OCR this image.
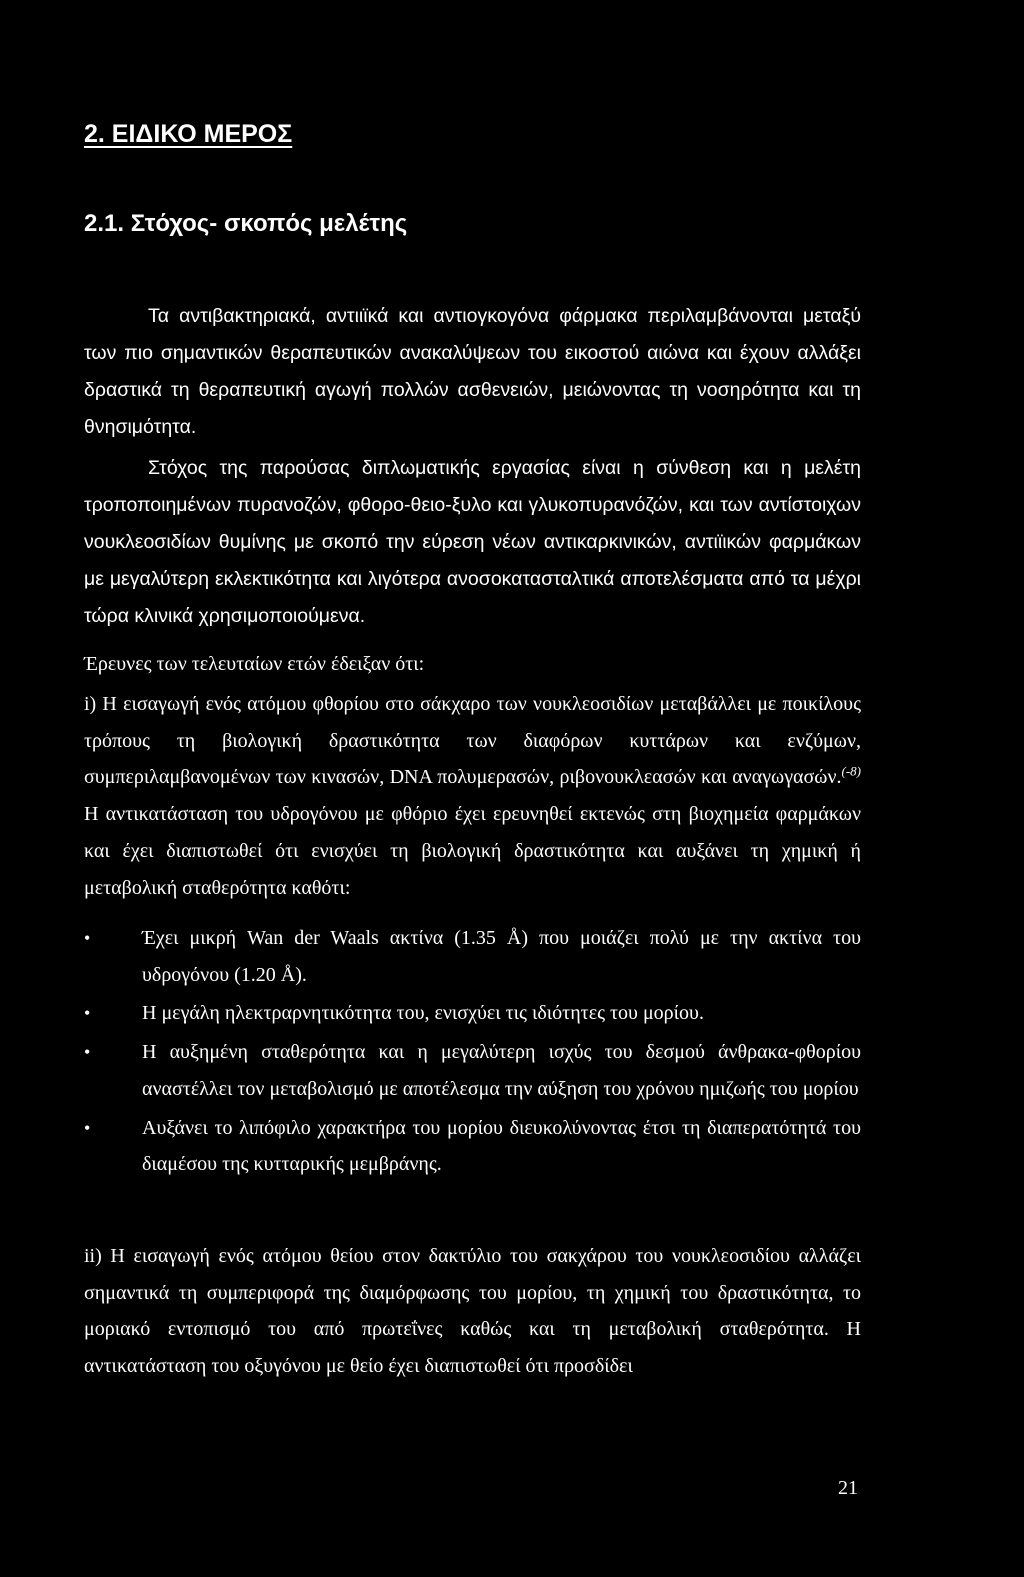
2. ΕΙΔΙΚΟ ΜΕΡΟΣ
2.1. Στόχος- σκοπός μελέτης

Τα αντιβακτηριακά, αντιιϊκά και αντιογκογόνα φάρμακα περιλαμβάνονται μεταξύ των πιο σημαντικών θεραπευτικών ανακαλύψεων του εικοστού αιώνα και έχουν αλλάξει δραστικά τη θεραπευτική αγωγή πολλών ασθενειών, μειώνοντας τη νοσηρότητα και τη θνησιμότητα.

Στόχος της παρούσας διπλωματικής εργασίας είναι η σύνθεση και η μελέτη τροποποιημένων πυρανοζών, φθορο-θειο-ξυλο και γλυκοπυρανόζών, και των αντίστοιχων νουκλεοσιδίων θυμίνης με σκοπό την εύρεση νέων αντικαρκινικών, αντιϊικών φαρμάκων με μεγαλύτερη εκλεκτικότητα και λιγότερα ανοσοκατασταλτικά αποτελέσματα από τα μέχρι τώρα κλινικά χρησιμοποιούμενα.

Έρευνες των τελευταίων ετών έδειξαν ότι:

i) Η εισαγωγή ενός ατόμου φθορίου στο σάκχαρο των νουκλεοσιδίων μεταβάλλει με ποικίλους τρόπους τη βιολογική δραστικότητα των διαφόρων κυττάρων και ενζύμων, συμπεριλαμβανομένων των κινασών, DNA πολυμερασών, ριβονουκλεασών και αναγωγασών.$^{(-8)}$ Η αντικατάσταση του υδρογόνου με φθόριο έχει ερευνηθεί εκτενώς στη βιοχημεία φαρμάκων και έχει διαπιστωθεί ότι ενισχύει τη βιολογική δραστικότητα και αυξάνει τη χημική ή μεταβολική σταθερότητα καθότι:

•	Έχει μικρή Wan der Waals ακτίνα (1.35 Å) που μοιάζει πολύ με την ακτίνα του υδρογόνου (1.20 Å).
•	Η μεγάλη ηλεκτραρνητικότητα του, ενισχύει τις ιδιότητες του μορίου.
•	Η αυξημένη σταθερότητα και η μεγαλύτερη ισχύς του δεσμού άνθρακα-φθορίου αναστέλλει τον μεταβολισμό με αποτέλεσμα την αύξηση του χρόνου ημιζωής του μορίου
•	Αυξάνει το λιπόφιλο χαρακτήρα του μορίου διευκολύνοντας έτσι τη διαπερατότητά του διαμέσου της κυτταρικής μεμβράνης.

ii) Η εισαγωγή ενός ατόμου θείου στον δακτύλιο του σακχάρου του νουκλεοσιδίου αλλάζει σημαντικά τη συμπεριφορά της διαμόρφωσης του μορίου, τη χημική του δραστικότητα, το μοριακό εντοπισμό του από πρωτεΐνες καθώς και τη μεταβολική σταθερότητα. Η αντικατάσταση του οξυγόνου με θείο έχει διαπιστωθεί ότι προσδίδει

21
